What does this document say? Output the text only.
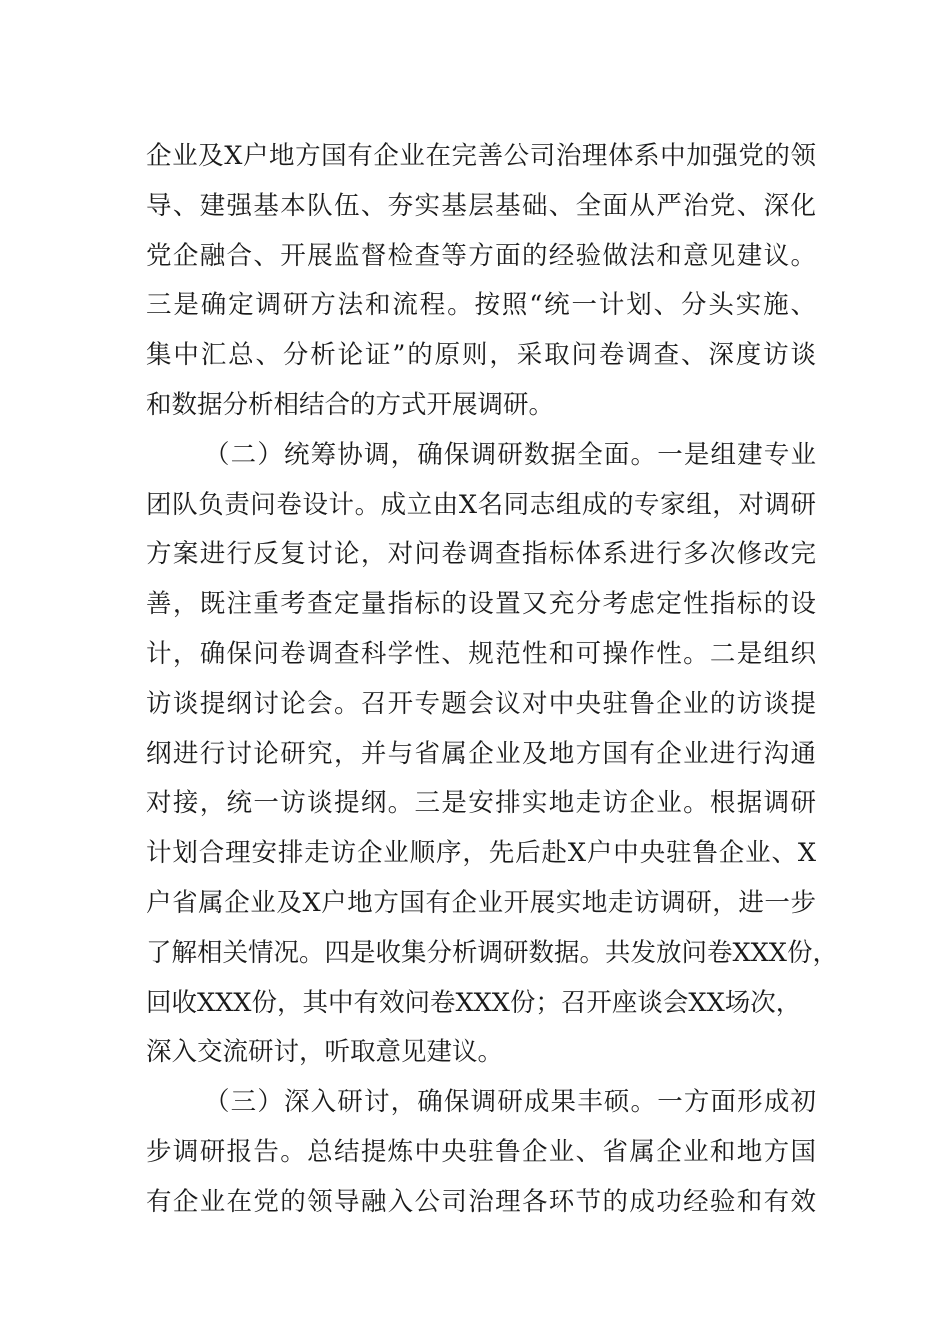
企业及X户地方国有企业在完善公司治理体系中加强党的领
导、建强基本队伍、夯实基层基础、全面从严治党、深化
党企融合、开展监督检查等方面的经验做法和意见建议。
三是确定调研方法和流程。按照“统一计划、分头实施、
集中汇总、分析论证”的原则，采取问卷调查、深度访谈
和数据分析相结合的方式开展调研。
（二）统筹协调，确保调研数据全面。一是组建专业
团队负责问卷设计。成立由X名同志组成的专家组，对调研
方案进行反复讨论，对问卷调查指标体系进行多次修改完
善，既注重考查定量指标的设置又充分考虑定性指标的设
计，确保问卷调查科学性、规范性和可操作性。二是组织
访谈提纲讨论会。召开专题会议对中央驻鲁企业的访谈提
纲进行讨论研究，并与省属企业及地方国有企业进行沟通
对接，统一访谈提纲。三是安排实地走访企业。根据调研
计划合理安排走访企业顺序，先后赴X户中央驻鲁企业、X
户省属企业及X户地方国有企业开展实地走访调研，进一步
了解相关情况。四是收集分析调研数据。共发放问卷XXX份，
回收XXX份，其中有效问卷XXX份；召开座谈会XX场次，
深入交流研讨，听取意见建议。
（三）深入研讨，确保调研成果丰硕。一方面形成初
步调研报告。总结提炼中央驻鲁企业、省属企业和地方国
有企业在党的领导融入公司治理各环节的成功经验和有效
